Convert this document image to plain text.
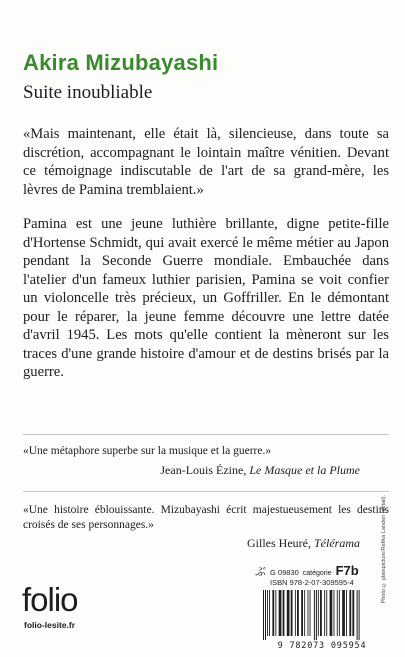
Akira Mizubayashi
Suite inoubliable
«Mais maintenant, elle était là, silencieuse, dans toute sa discrétion, accompagnant le lointain maître vénitien. Devant ce témoignage indiscutable de l'art de sa grand-mère, les lèvres de Pamina tremblaient.»
Pamina est une jeune luthière brillante, digne petite-fille d'Hortense Schmidt, qui avait exercé le même métier au Japon pendant la Seconde Guerre mondiale. Embauchée dans l'atelier d'un fameux luthier parisien, Pamina se voit confier un violoncelle très précieux, un Goffriller. En le démontant pour le réparer, la jeune femme découvre une lettre datée d'avril 1945. Les mots qu'elle contient la mèneront sur les traces d'une grande histoire d'amour et de destins brisés par la guerre.
«Une métaphore superbe sur la musique et la guerre.»
Jean-Louis Ézine, Le Masque et la Plume
«Une histoire éblouissante. Mizubayashi écrit majestueusement les destins croisés de ses personnages.»
Gilles Heuré, Télérama	Photo © plainpicture/Refika Landen (détail).
folio
folio-lesite.fr
ぶ G 09830 catégorie F7b
ISBN 978-2-07-309595-4
9 782073 095954
